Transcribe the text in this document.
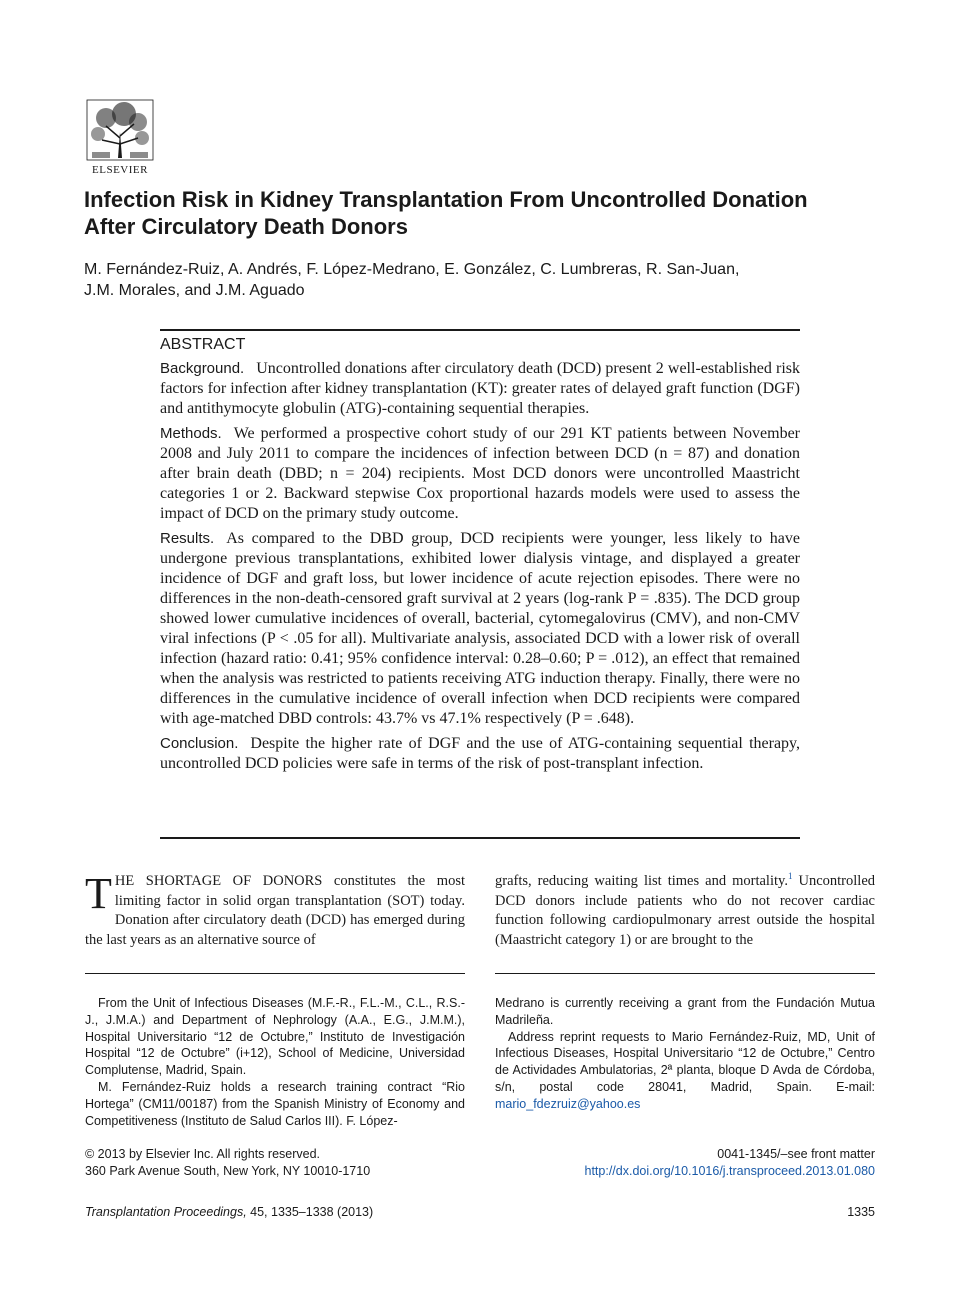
ELSEVIER
Infection Risk in Kidney Transplantation From Uncontrolled Donation After Circulatory Death Donors
M. Fernández-Ruiz, A. Andrés, F. López-Medrano, E. González, C. Lumbreras, R. San-Juan,
J.M. Morales, and J.M. Aguado
ABSTRACT

Background. Uncontrolled donations after circulatory death (DCD) present 2 well-established risk factors for infection after kidney transplantation (KT): greater rates of delayed graft function (DGF) and antithymocyte globulin (ATG)-containing sequential therapies.

Methods. We performed a prospective cohort study of our 291 KT patients between November 2008 and July 2011 to compare the incidences of infection between DCD (n = 87) and donation after brain death (DBD; n = 204) recipients. Most DCD donors were uncontrolled Maastricht categories 1 or 2. Backward stepwise Cox proportional hazards models were used to assess the impact of DCD on the primary study outcome.

Results. As compared to the DBD group, DCD recipients were younger, less likely to have undergone previous transplantations, exhibited lower dialysis vintage, and displayed a greater incidence of DGF and graft loss, but lower incidence of acute rejection episodes. There were no differences in the non-death-censored graft survival at 2 years (log-rank P = .835). The DCD group showed lower cumulative incidences of overall, bacterial, cytomegalovirus (CMV), and non-CMV viral infections (P < .05 for all). Multivariate analysis, associated DCD with a lower risk of overall infection (hazard ratio: 0.41; 95% confidence interval: 0.28–0.60; P = .012), an effect that remained when the analysis was restricted to patients receiving ATG induction therapy. Finally, there were no differences in the cumulative incidence of overall infection when DCD recipients were compared with age-matched DBD controls: 43.7% vs 47.1% respectively (P = .648).

Conclusion. Despite the higher rate of DGF and the use of ATG-containing sequential therapy, uncontrolled DCD policies were safe in terms of the risk of post-transplant infection.

THE SHORTAGE OF DONORS constitutes the most limiting factor in solid organ transplantation (SOT) today. Donation after circulatory death (DCD) has emerged during the last years as an alternative source of

grafts, reducing waiting list times and mortality.$^1$ Uncontrolled DCD donors include patients who do not recover cardiac function following cardiopulmonary arrest outside the hospital (Maastricht category 1) or are brought to the

From the Unit of Infectious Diseases (M.F.-R., F.L.-M., C.L., R.S.-J., J.M.A.) and Department of Nephrology (A.A., E.G., J.M.M.), Hospital Universitario “12 de Octubre,” Instituto de Investigación Hospital “12 de Octubre” (i+12), School of Medicine, Universidad Complutense, Madrid, Spain.

M. Fernández-Ruiz holds a research training contract “Rio Hortega” (CM11/00187) from the Spanish Ministry of Economy and Competitiveness (Instituto de Salud Carlos III). F. López-

Medrano is currently receiving a grant from the Fundación Mutua Madrileña.

Address reprint requests to Mario Fernández-Ruiz, MD, Unit of Infectious Diseases, Hospital Universitario “12 de Octubre,” Centro de Actividades Ambulatorias, 2ª planta, bloque D Avda de Córdoba, s/n, postal code 28041, Madrid, Spain. E-mail: mario_fdezruiz@yahoo.es

© 2013 by Elsevier Inc. All rights reserved.
360 Park Avenue South, New York, NY 10010-1710
0041-1345/–see front matter
http://dx.doi.org/10.1016/j.transproceed.2013.01.080
Transplantation Proceedings, 45, 1335–1338 (2013)	1335
